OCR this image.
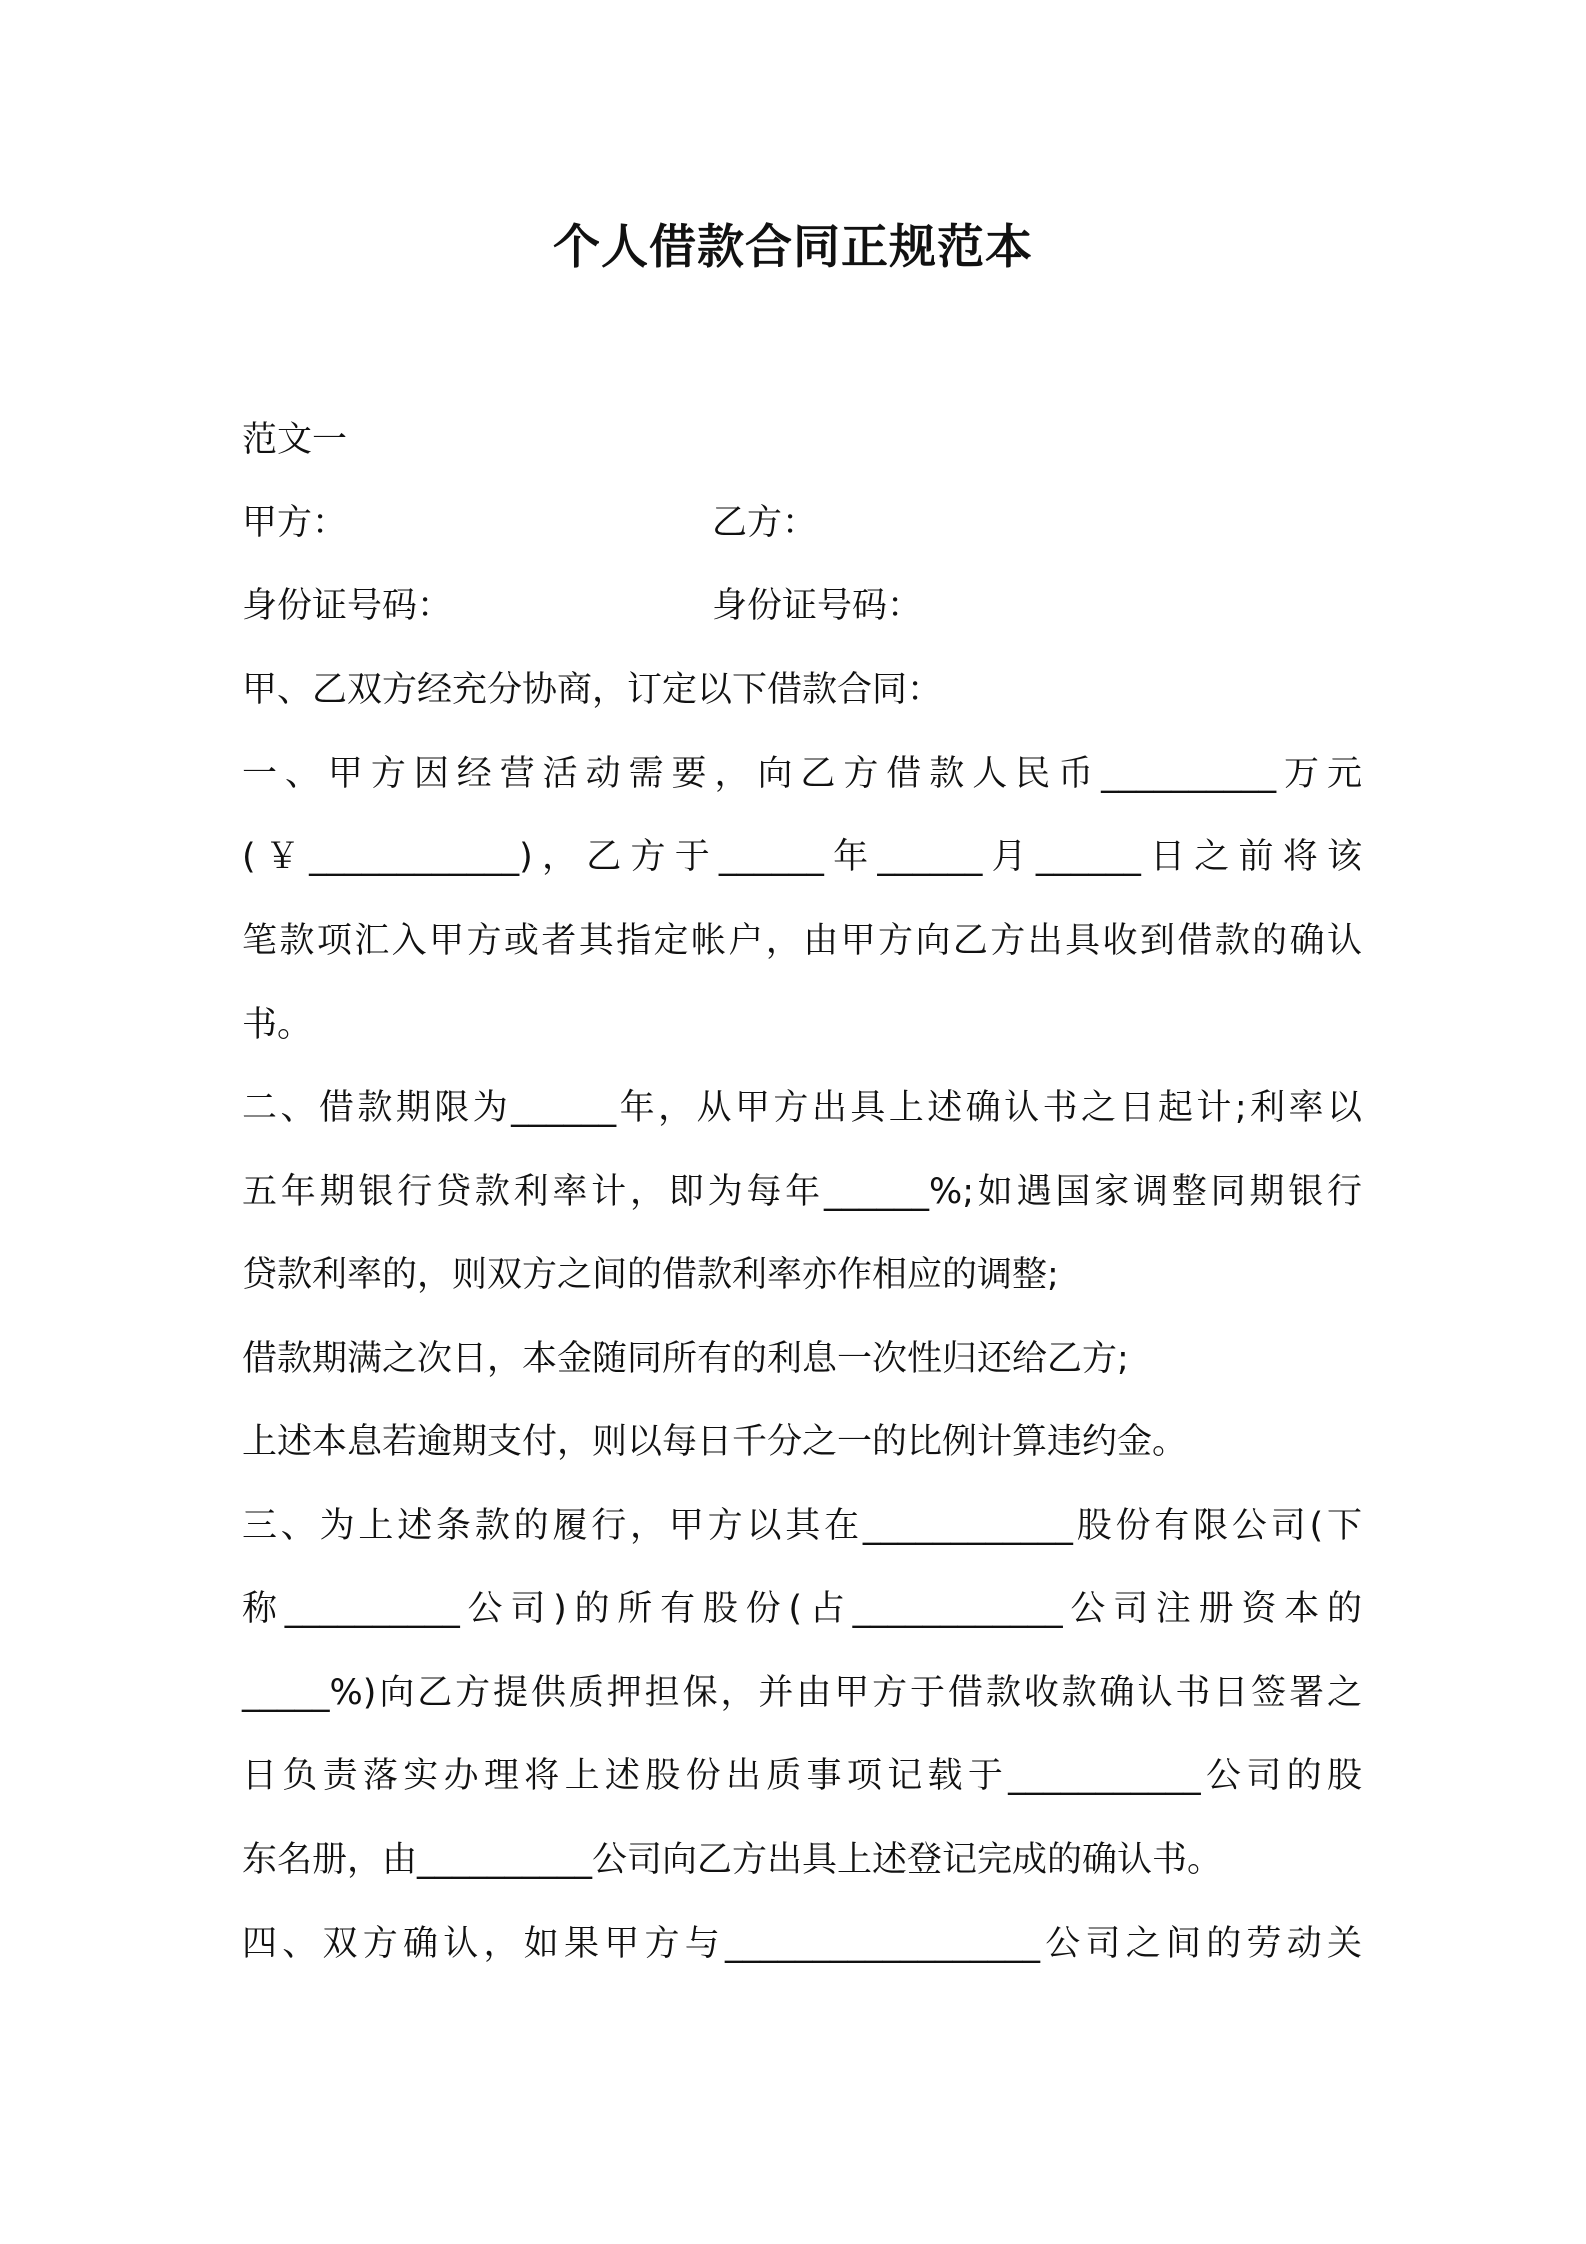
个人借款合同正规范本
范文一
甲方：	乙方：
身份证号码：	身份证号码：
甲、乙双方经充分协商，订定以下借款合同：
一、甲方因经营活动需要，向乙方借款人民币__________万元
(￥____________)，乙方于______年______月______日之前将该
笔款项汇入甲方或者其指定帐户，由甲方向乙方出具收到借款的确认
书。
二、借款期限为______年，从甲方出具上述确认书之日起计;利率以
五年期银行贷款利率计，即为每年______%;如遇国家调整同期银行
贷款利率的，则双方之间的借款利率亦作相应的调整;
借款期满之次日，本金随同所有的利息一次性归还给乙方;
上述本息若逾期支付，则以每日千分之一的比例计算违约金。
三、为上述条款的履行，甲方以其在____________股份有限公司(下
称__________公司)的所有股份(占____________公司注册资本的
_____%)向乙方提供质押担保，并由甲方于借款收款确认书日签署之
日负责落实办理将上述股份出质事项记载于___________公司的股
东名册，由__________公司向乙方出具上述登记完成的确认书。
四、双方确认，如果甲方与__________________公司之间的劳动关
